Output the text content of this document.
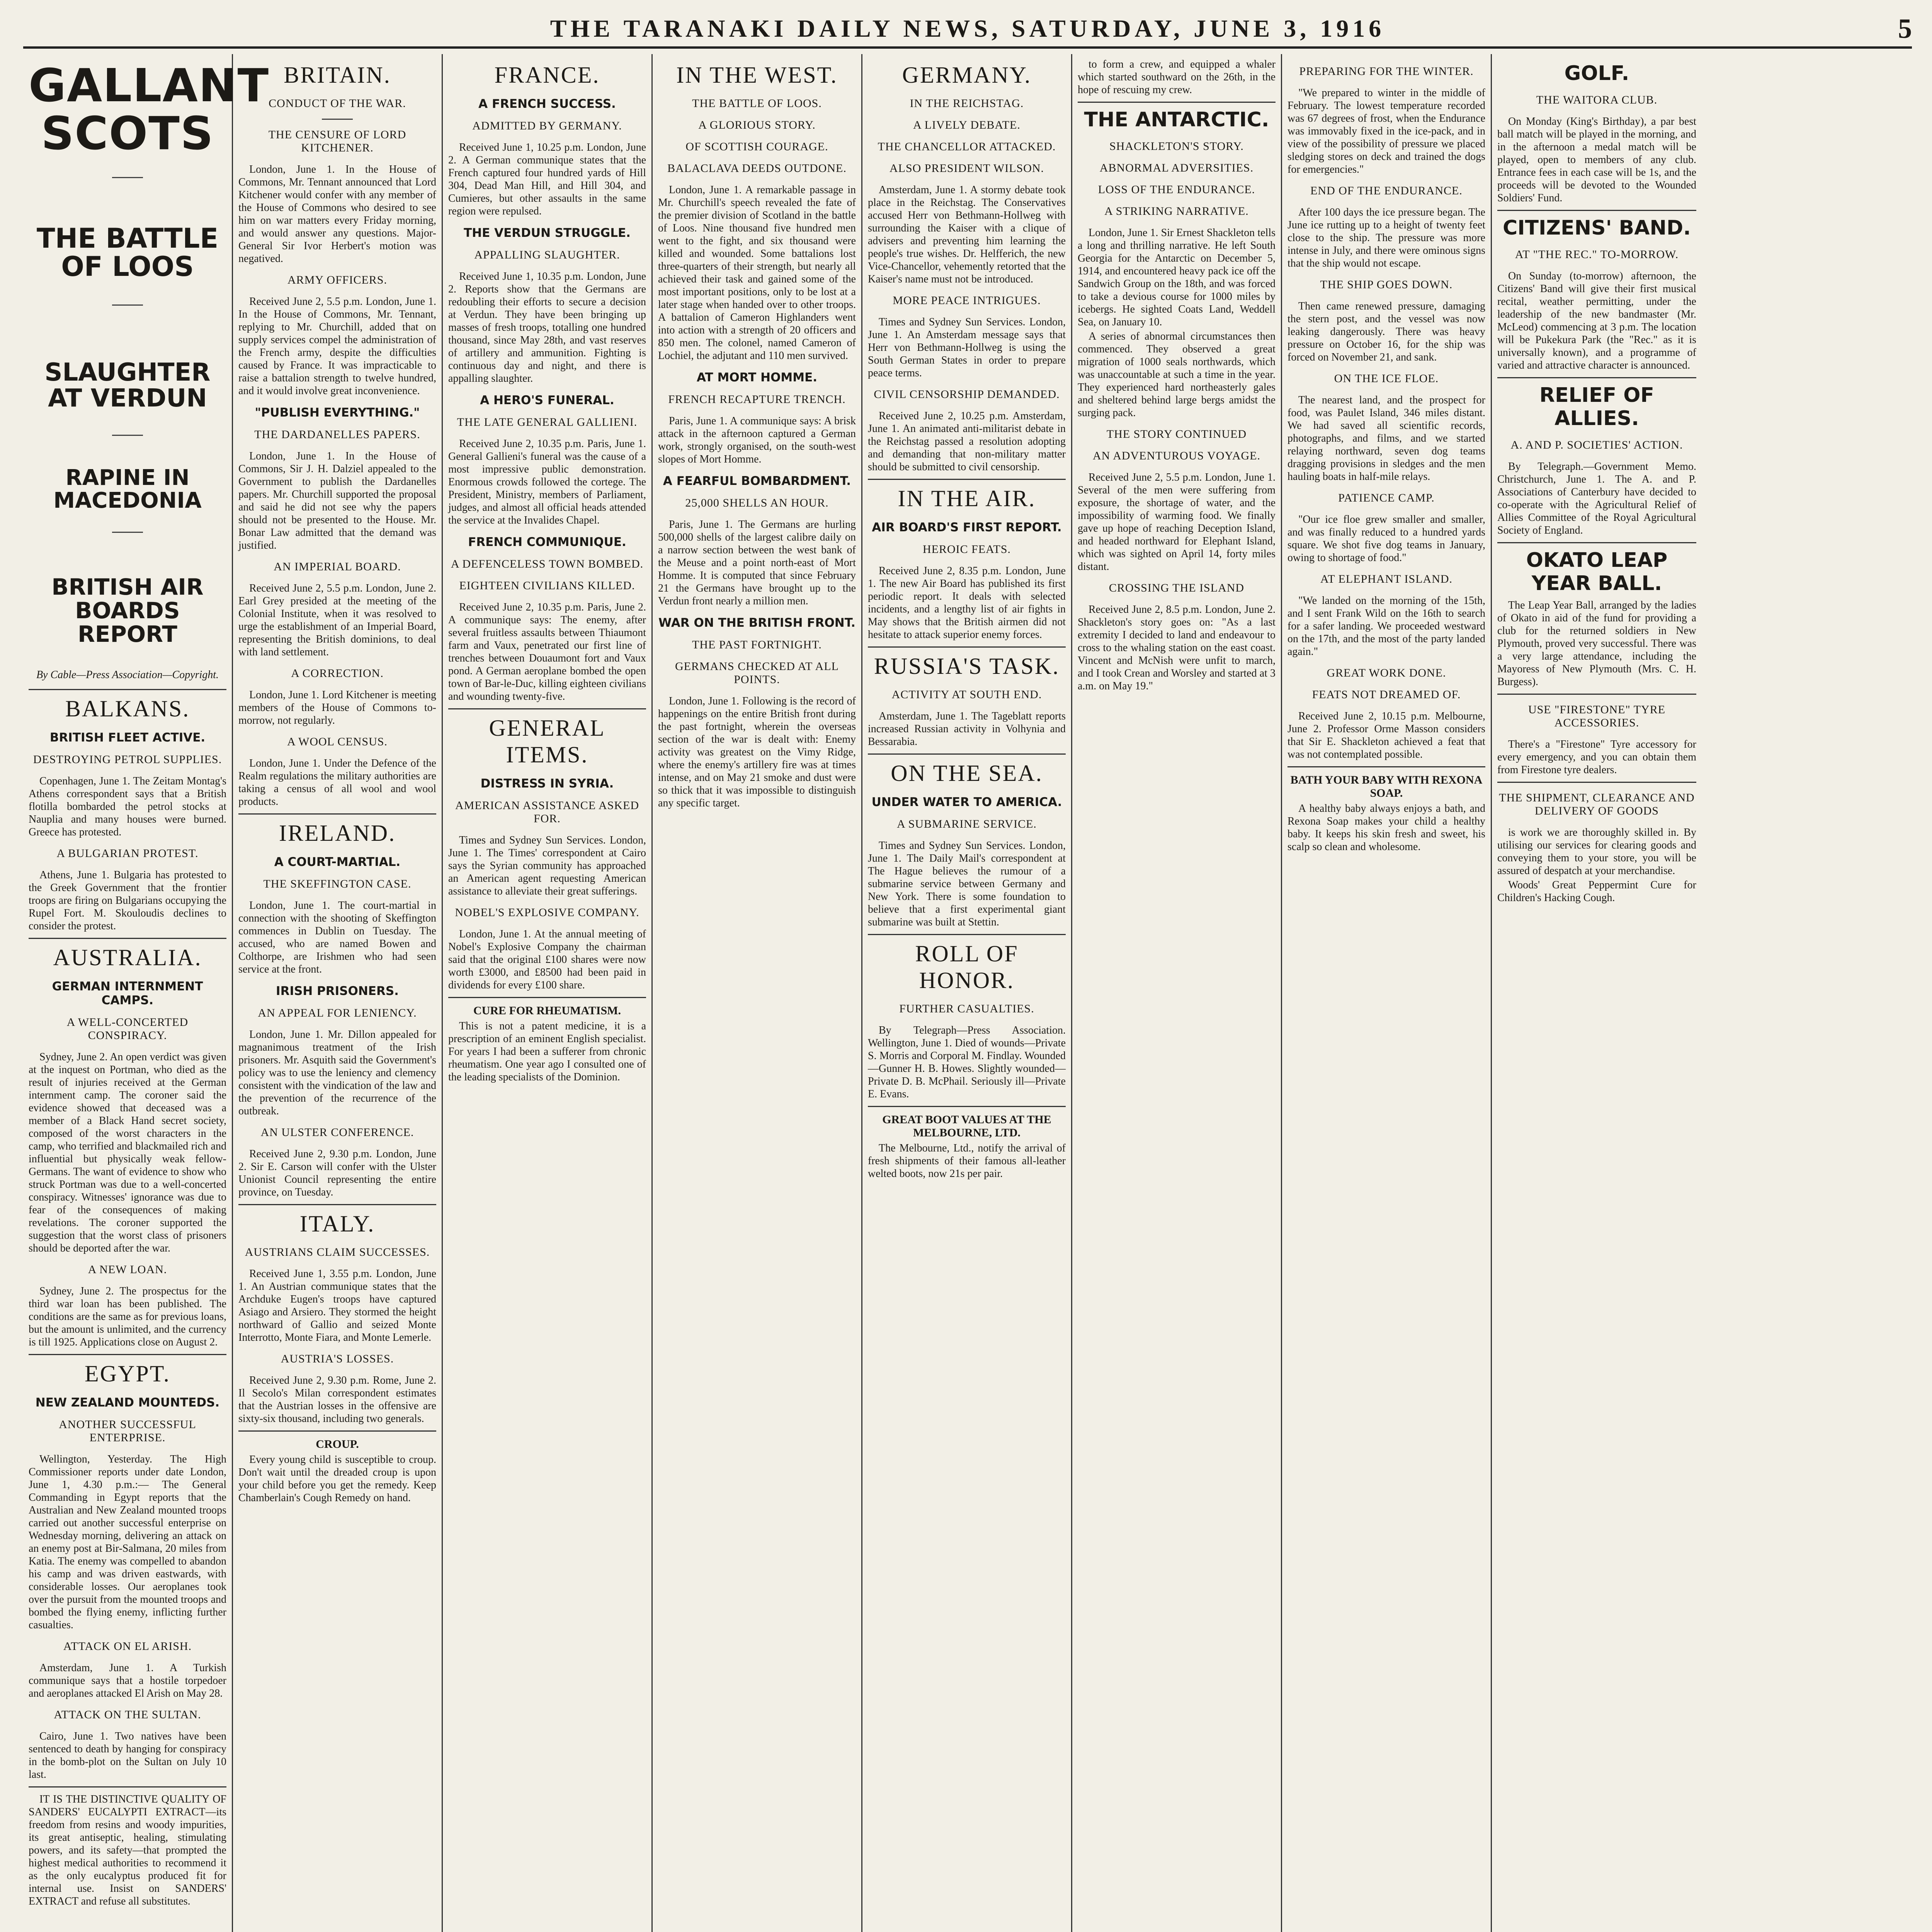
THE TARANAKI DAILY NEWS, SATURDAY, JUNE 3, 1916	5
GALLANT SCOTS
THE BATTLE OF LOOS
SLAUGHTER AT VERDUN
RAPINE IN MACEDONIA
BRITISH AIR BOARDS REPORT
By Cable—Press Association—Copyright.
BALKANS.
BRITISH FLEET ACTIVE.
DESTROYING PETROL SUPPLIES.

Copenhagen, June 1. The Zeitam Montag's Athens correspondent says that a British flotilla bombarded the petrol stocks at Nauplia and many houses were burned. Greece has protested.

A BULGARIAN PROTEST.

Athens, June 1. Bulgaria has protested to the Greek Government that the frontier troops are firing on Bulgarians occupying the Rupel Fort. M. Skouloudis declines to consider the protest.

AUSTRALIA.
GERMAN INTERNMENT CAMPS.
A WELL-CONCERTED CONSPIRACY.

Sydney, June 2. An open verdict was given at the inquest on Portman, who died as the result of injuries received at the German internment camp. The coroner said the evidence showed that deceased was a member of a Black Hand secret society, composed of the worst characters in the camp, who terrified and blackmailed rich and influential but physically weak fellow-Germans. The want of evidence to show who struck Portman was due to a well-concerted conspiracy. Witnesses' ignorance was due to fear of the consequences of making revelations. The coroner supported the suggestion that the worst class of prisoners should be deported after the war.

A NEW LOAN.

Sydney, June 2. The prospectus for the third war loan has been published. The conditions are the same as for previous loans, but the amount is unlimited, and the currency is till 1925. Applications close on August 2.

EGYPT.
NEW ZEALAND MOUNTEDS.
ANOTHER SUCCESSFUL ENTERPRISE.

Wellington, Yesterday. The High Commissioner reports under date London, June 1, 4.30 p.m.:— The General Commanding in Egypt reports that the Australian and New Zealand mounted troops carried out another successful enterprise on Wednesday morning, delivering an attack on an enemy post at Bir-Salmana, 20 miles from Katia. The enemy was compelled to abandon his camp and was driven eastwards, with considerable losses. Our aeroplanes took over the pursuit from the mounted troops and bombed the flying enemy, inflicting further casualties.

ATTACK ON EL ARISH.

Amsterdam, June 1. A Turkish communique says that a hostile torpedoer and aeroplanes attacked El Arish on May 28.

ATTACK ON THE SULTAN.

Cairo, June 1. Two natives have been sentenced to death by hanging for conspiracy in the bomb-plot on the Sultan on July 10 last.

IT IS THE DISTINCTIVE QUALITY OF SANDERS' EUCALYPTI EXTRACT—its freedom from resins and woody impurities, its great antiseptic, healing, stimulating powers, and its safety—that prompted the highest medical authorities to recommend it as the only eucalyptus produced fit for internal use. Insist on SANDERS' EXTRACT and refuse all substitutes.

BRITAIN.
CONDUCT OF THE WAR.
THE CENSURE OF LORD KITCHENER.

London, June 1. In the House of Commons, Mr. Tennant announced that Lord Kitchener would confer with any member of the House of Commons who desired to see him on war matters every Friday morning, and would answer any questions. Major-General Sir Ivor Herbert's motion was negatived.

ARMY OFFICERS.

Received June 2, 5.5 p.m. London, June 1. In the House of Commons, Mr. Tennant, replying to Mr. Churchill, added that on supply services compel the administration of the French army, despite the difficulties caused by France. It was impracticable to raise a battalion strength to twelve hundred, and it would involve great inconvenience.

"PUBLISH EVERYTHING."
THE DARDANELLES PAPERS.

London, June 1. In the House of Commons, Sir J. H. Dalziel appealed to the Government to publish the Dardanelles papers. Mr. Churchill supported the proposal and said he did not see why the papers should not be presented to the House. Mr. Bonar Law admitted that the demand was justified.

AN IMPERIAL BOARD.

Received June 2, 5.5 p.m. London, June 2. Earl Grey presided at the meeting of the Colonial Institute, when it was resolved to urge the establishment of an Imperial Board, representing the British dominions, to deal with land settlement.

A CORRECTION.

London, June 1. Lord Kitchener is meeting members of the House of Commons to-morrow, not regularly.

A WOOL CENSUS.

London, June 1. Under the Defence of the Realm regulations the military authorities are taking a census of all wool and wool products.

IRELAND.
A COURT-MARTIAL.
THE SKEFFINGTON CASE.

London, June 1. The court-martial in connection with the shooting of Skeffington commences in Dublin on Tuesday. The accused, who are named Bowen and Colthorpe, are Irishmen who had seen service at the front.

IRISH PRISONERS.
AN APPEAL FOR LENIENCY.

London, June 1. Mr. Dillon appealed for magnanimous treatment of the Irish prisoners. Mr. Asquith said the Government's policy was to use the leniency and clemency consistent with the vindication of the law and the prevention of the recurrence of the outbreak.

AN ULSTER CONFERENCE.

Received June 2, 9.30 p.m. London, June 2. Sir E. Carson will confer with the Ulster Unionist Council representing the entire province, on Tuesday.

ITALY.
AUSTRIANS CLAIM SUCCESSES.

Received June 1, 3.55 p.m. London, June 1. An Austrian communique states that the Archduke Eugen's troops have captured Asiago and Arsiero. They stormed the height northward of Gallio and seized Monte Interrotto, Monte Fiara, and Monte Lemerle.

AUSTRIA'S LOSSES.

Received June 2, 9.30 p.m. Rome, June 2. Il Secolo's Milan correspondent estimates that the Austrian losses in the offensive are sixty-six thousand, including two generals.

CROUP.

Every young child is susceptible to croup. Don't wait until the dreaded croup is upon your child before you get the remedy. Keep Chamberlain's Cough Remedy on hand.

FRANCE.
A FRENCH SUCCESS.
ADMITTED BY GERMANY.

Received June 1, 10.25 p.m. London, June 2. A German communique states that the French captured four hundred yards of Hill 304, Dead Man Hill, and Hill 304, and Cumieres, but other assaults in the same region were repulsed.

THE VERDUN STRUGGLE.
APPALLING SLAUGHTER.

Received June 1, 10.35 p.m. London, June 2. Reports show that the Germans are redoubling their efforts to secure a decision at Verdun. They have been bringing up masses of fresh troops, totalling one hundred thousand, since May 28th, and vast reserves of artillery and ammunition. Fighting is continuous day and night, and there is appalling slaughter.

A HERO'S FUNERAL.
THE LATE GENERAL GALLIENI.

Received June 2, 10.35 p.m. Paris, June 1. General Gallieni's funeral was the cause of a most impressive public demonstration. Enormous crowds followed the cortege. The President, Ministry, members of Parliament, judges, and almost all official heads attended the service at the Invalides Chapel.

FRENCH COMMUNIQUE.
A DEFENCELESS TOWN BOMBED.
EIGHTEEN CIVILIANS KILLED.

Received June 2, 10.35 p.m. Paris, June 2. A communique says: The enemy, after several fruitless assaults between Thiaumont farm and Vaux, penetrated our first line of trenches between Douaumont fort and Vaux pond. A German aeroplane bombed the open town of Bar-le-Duc, killing eighteen civilians and wounding twenty-five.

GENERAL ITEMS.
DISTRESS IN SYRIA.
AMERICAN ASSISTANCE ASKED FOR.

Times and Sydney Sun Services. London, June 1. The Times' correspondent at Cairo says the Syrian community has approached an American agent requesting American assistance to alleviate their great sufferings.

NOBEL'S EXPLOSIVE COMPANY.

London, June 1. At the annual meeting of Nobel's Explosive Company the chairman said that the original £100 shares were now worth £3000, and £8500 had been paid in dividends for every £100 share.

CURE FOR RHEUMATISM.

This is not a patent medicine, it is a prescription of an eminent English specialist. For years I had been a sufferer from chronic rheumatism. One year ago I consulted one of the leading specialists of the Dominion.

IN THE WEST.
THE BATTLE OF LOOS.
A GLORIOUS STORY.
OF SCOTTISH COURAGE.
BALACLAVA DEEDS OUTDONE.

London, June 1. A remarkable passage in Mr. Churchill's speech revealed the fate of the premier division of Scotland in the battle of Loos. Nine thousand five hundred men went to the fight, and six thousand were killed and wounded. Some battalions lost three-quarters of their strength, but nearly all achieved their task and gained some of the most important positions, only to be lost at a later stage when handed over to other troops. A battalion of Cameron Highlanders went into action with a strength of 20 officers and 850 men. The colonel, named Cameron of Lochiel, the adjutant and 110 men survived.

AT MORT HOMME.
FRENCH RECAPTURE TRENCH.

Paris, June 1. A communique says: A brisk attack in the afternoon captured a German work, strongly organised, on the south-west slopes of Mort Homme.

A FEARFUL BOMBARDMENT.
25,000 SHELLS AN HOUR.

Paris, June 1. The Germans are hurling 500,000 shells of the largest calibre daily on a narrow section between the west bank of the Meuse and a point north-east of Mort Homme. It is computed that since February 21 the Germans have brought up to the Verdun front nearly a million men.

WAR ON THE BRITISH FRONT.
THE PAST FORTNIGHT.
GERMANS CHECKED AT ALL POINTS.

London, June 1. Following is the record of happenings on the entire British front during the past fortnight, wherein the overseas section of the war is dealt with: Enemy activity was greatest on the Vimy Ridge, where the enemy's artillery fire was at times intense, and on May 21 smoke and dust were so thick that it was impossible to distinguish any specific target.

GERMANY.
IN THE REICHSTAG.
A LIVELY DEBATE.
THE CHANCELLOR ATTACKED.
ALSO PRESIDENT WILSON.

Amsterdam, June 1. A stormy debate took place in the Reichstag. The Conservatives accused Herr von Bethmann-Hollweg with surrounding the Kaiser with a clique of advisers and preventing him learning the people's true wishes. Dr. Helfferich, the new Vice-Chancellor, vehemently retorted that the Kaiser's name must not be introduced.

MORE PEACE INTRIGUES.

Times and Sydney Sun Services. London, June 1. An Amsterdam message says that Herr von Bethmann-Hollweg is using the South German States in order to prepare peace terms.

CIVIL CENSORSHIP DEMANDED.

Received June 2, 10.25 p.m. Amsterdam, June 1. An animated anti-militarist debate in the Reichstag passed a resolution adopting and demanding that non-military matter should be submitted to civil censorship.

IN THE AIR.
AIR BOARD'S FIRST REPORT.
HEROIC FEATS.

Received June 2, 8.35 p.m. London, June 1. The new Air Board has published its first periodic report. It deals with selected incidents, and a lengthy list of air fights in May shows that the British airmen did not hesitate to attack superior enemy forces.

RUSSIA'S TASK.
ACTIVITY AT SOUTH END.

Amsterdam, June 1. The Tageblatt reports increased Russian activity in Volhynia and Bessarabia.

ON THE SEA.
UNDER WATER TO AMERICA.
A SUBMARINE SERVICE.

Times and Sydney Sun Services. London, June 1. The Daily Mail's correspondent at The Hague believes the rumour of a submarine service between Germany and New York. There is some foundation to believe that a first experimental giant submarine was built at Stettin.

ROLL OF HONOR.
FURTHER CASUALTIES.

By Telegraph—Press Association. Wellington, June 1. Died of wounds—Private S. Morris and Corporal M. Findlay. Wounded—Gunner H. B. Howes. Slightly wounded—Private D. B. McPhail. Seriously ill—Private E. Evans.

GREAT BOOT VALUES AT THE MELBOURNE, LTD.

The Melbourne, Ltd., notify the arrival of fresh shipments of their famous all-leather welted boots, now 21s per pair.

to form a crew, and equipped a whaler which started southward on the 26th, in the hope of rescuing my crew.

THE ANTARCTIC.
SHACKLETON'S STORY.
ABNORMAL ADVERSITIES.
LOSS OF THE ENDURANCE.
A STRIKING NARRATIVE.

London, June 1. Sir Ernest Shackleton tells a long and thrilling narrative. He left South Georgia for the Antarctic on December 5, 1914, and encountered heavy pack ice off the Sandwich Group on the 18th, and was forced to take a devious course for 1000 miles by icebergs. He sighted Coats Land, Weddell Sea, on January 10.

A series of abnormal circumstances then commenced. They observed a great migration of 1000 seals northwards, which was unaccountable at such a time in the year. They experienced hard northeasterly gales and sheltered behind large bergs amidst the surging pack.

THE STORY CONTINUED
AN ADVENTUROUS VOYAGE.

Received June 2, 5.5 p.m. London, June 1. Several of the men were suffering from exposure, the shortage of water, and the impossibility of warming food. We finally gave up hope of reaching Deception Island, and headed northward for Elephant Island, which was sighted on April 14, forty miles distant.

CROSSING THE ISLAND

Received June 2, 8.5 p.m. London, June 2. Shackleton's story goes on: "As a last extremity I decided to land and endeavour to cross to the whaling station on the east coast. Vincent and McNish were unfit to march, and I took Crean and Worsley and started at 3 a.m. on May 19."

PREPARING FOR THE WINTER.

"We prepared to winter in the middle of February. The lowest temperature recorded was 67 degrees of frost, when the Endurance was immovably fixed in the ice-pack, and in view of the possibility of pressure we placed sledging stores on deck and trained the dogs for emergencies."

END OF THE ENDURANCE.

After 100 days the ice pressure began. The June ice rutting up to a height of twenty feet close to the ship. The pressure was more intense in July, and there were ominous signs that the ship would not escape.

THE SHIP GOES DOWN.

Then came renewed pressure, damaging the stern post, and the vessel was now leaking dangerously. There was heavy pressure on October 16, for the ship was forced on November 21, and sank.

ON THE ICE FLOE.

The nearest land, and the prospect for food, was Paulet Island, 346 miles distant. We had saved all scientific records, photographs, and films, and we started relaying northward, seven dog teams dragging provisions in sledges and the men hauling boats in half-mile relays.

PATIENCE CAMP.

"Our ice floe grew smaller and smaller, and was finally reduced to a hundred yards square. We shot five dog teams in January, owing to shortage of food."

AT ELEPHANT ISLAND.

"We landed on the morning of the 15th, and I sent Frank Wild on the 16th to search for a safer landing. We proceeded westward on the 17th, and the most of the party landed again."

GREAT WORK DONE.
FEATS NOT DREAMED OF.

Received June 2, 10.15 p.m. Melbourne, June 2. Professor Orme Masson considers that Sir E. Shackleton achieved a feat that was not contemplated possible.

BATH YOUR BABY WITH REXONA SOAP.

A healthy baby always enjoys a bath, and Rexona Soap makes your child a healthy baby. It keeps his skin fresh and sweet, his scalp so clean and wholesome.

GOLF.
THE WAITORA CLUB.

On Monday (King's Birthday), a par best ball match will be played in the morning, and in the afternoon a medal match will be played, open to members of any club. Entrance fees in each case will be 1s, and the proceeds will be devoted to the Wounded Soldiers' Fund.

CITIZENS' BAND.
AT "THE REC." TO-MORROW.

On Sunday (to-morrow) afternoon, the Citizens' Band will give their first musical recital, weather permitting, under the leadership of the new bandmaster (Mr. McLeod) commencing at 3 p.m. The location will be Pukekura Park (the "Rec." as it is universally known), and a programme of varied and attractive character is announced.

RELIEF OF ALLIES.
A. AND P. SOCIETIES' ACTION.

By Telegraph.—Government Memo. Christchurch, June 1. The A. and P. Associations of Canterbury have decided to co-operate with the Agricultural Relief of Allies Committee of the Royal Agricultural Society of England.

OKATO LEAP YEAR BALL.

The Leap Year Ball, arranged by the ladies of Okato in aid of the fund for providing a club for the returned soldiers in New Plymouth, proved very successful. There was a very large attendance, including the Mayoress of New Plymouth (Mrs. C. H. Burgess).

USE "FIRESTONE" TYRE ACCESSORIES.

There's a "Firestone" Tyre accessory for every emergency, and you can obtain them from Firestone tyre dealers.

THE SHIPMENT, CLEARANCE AND DELIVERY OF GOODS

is work we are thoroughly skilled in. By utilising our services for clearing goods and conveying them to your store, you will be assured of despatch at your merchandise.

Woods' Great Peppermint Cure for Children's Hacking Cough.
